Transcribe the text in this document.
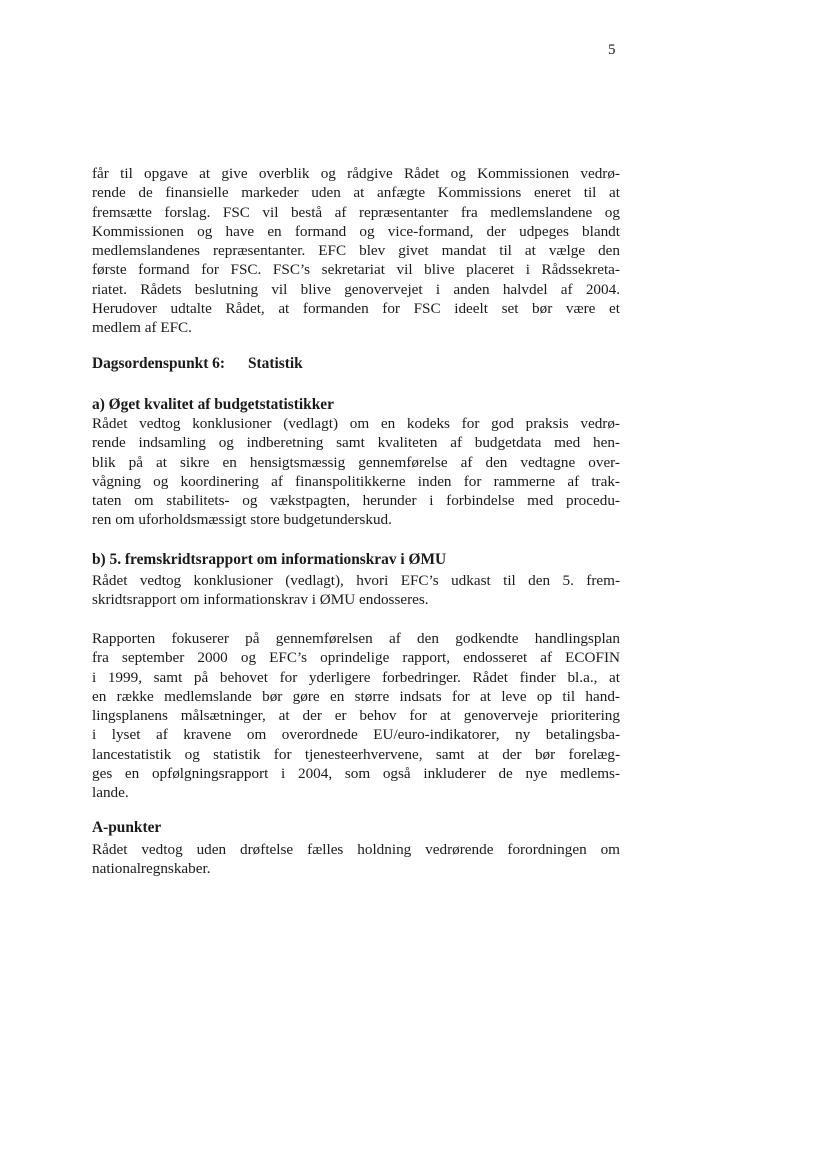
5
får til opgave at give overblik og rådgive Rådet og Kommissionen vedrø-
rende de finansielle markeder uden at anfægte Kommissions eneret til at
fremsætte forslag. FSC vil bestå af repræsentanter fra medlemslandene og
Kommissionen og have en formand og vice-formand, der udpeges blandt
medlemslandenes repræsentanter. EFC blev givet mandat til at vælge den
første formand for FSC. FSC’s sekretariat vil blive placeret i Rådssekreta-
riatet. Rådets beslutning vil blive genovervejet i anden halvdel af 2004.
Herudover udtalte Rådet, at formanden for FSC ideelt set bør være et
medlem af EFC.
Dagsordenspunkt 6: Statistik
a) Øget kvalitet af budgetstatistikker
Rådet vedtog konklusioner (vedlagt) om en kodeks for god praksis vedrø-
rende indsamling og indberetning samt kvaliteten af budgetdata med hen-
blik på at sikre en hensigtsmæssig gennemførelse af den vedtagne over-
vågning og koordinering af finanspolitikkerne inden for rammerne af trak-
taten om stabilitets- og vækstpagten, herunder i forbindelse med procedu-
ren om uforholdsmæssigt store budgetunderskud.
b) 5. fremskridtsrapport om informationskrav i ØMU
Rådet vedtog konklusioner (vedlagt), hvori EFC’s udkast til den 5. frem-
skridtsrapport om informationskrav i ØMU endosseres.
Rapporten fokuserer på gennemførelsen af den godkendte handlingsplan
fra september 2000 og EFC’s oprindelige rapport, endosseret af ECOFIN
i 1999, samt på behovet for yderligere forbedringer. Rådet finder bl.a., at
en række medlemslande bør gøre en større indsats for at leve op til hand-
lingsplanens målsætninger, at der er behov for at genoverveje prioritering
i lyset af kravene om overordnede EU/euro-indikatorer, ny betalingsba-
lancestatistik og statistik for tjenesteerhvervene, samt at der bør forelæg-
ges en opfølgningsrapport i 2004, som også inkluderer de nye medlems-
lande.
A-punkter
Rådet vedtog uden drøftelse fælles holdning vedrørende forordningen om
nationalregnskaber.
